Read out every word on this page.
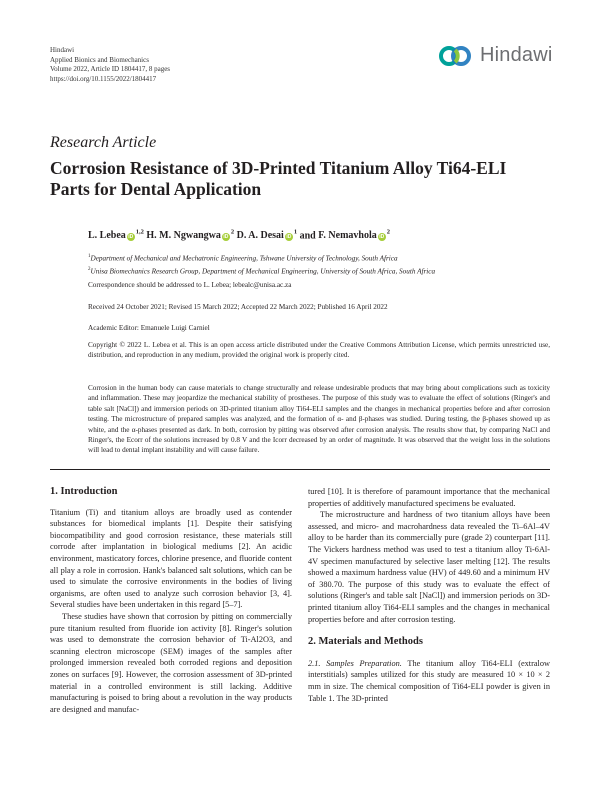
Hindawi
Applied Bionics and Biomechanics
Volume 2022, Article ID 1804417, 8 pages
https://doi.org/10.1155/2022/1804417
Hindawi
Research Article
Corrosion Resistance of 3D-Printed Titanium Alloy Ti64-ELI Parts for Dental Application
L. Lebea iD$^{1,2}$ H. M. Ngwangwa $iD^2$ D. A. Desai $iD^1$ and F. Nemavhola $iD^2$
$^1$Department of Mechanical and Mechatronic Engineering, Tshwane University of Technology, South Africa
$^2$Unisa Biomechanics Research Group, Department of Mechanical Engineering, University of South Africa, South Africa
Correspondence should be addressed to L. Lebea; lebealc@unisa.ac.za
Received 24 October 2021; Revised 15 March 2022; Accepted 22 March 2022; Published 16 April 2022
Academic Editor: Emanuele Luigi Carniel
Copyright © 2022 L. Lebea et al. This is an open access article distributed under the Creative Commons Attribution License, which permits unrestricted use, distribution, and reproduction in any medium, provided the original work is properly cited.
Corrosion in the human body can cause materials to change structurally and release undesirable products that may bring about complications such as toxicity and inflammation. These may jeopardize the mechanical stability of prostheses. The purpose of this study was to evaluate the effect of solutions (Ringer's and table salt [NaCl]) and immersion periods on 3D-printed titanium alloy Ti64-ELI samples and the changes in mechanical properties before and after corrosion testing. The microstructure of prepared samples was analyzed, and the formation of α- and β-phases was studied. During testing, the β-phases showed up as white, and the α-phases presented as dark. In both, corrosion by pitting was observed after corrosion analysis. The results show that, by comparing NaCl and Ringer's, the Ecorr of the solutions increased by 0.8 V and the Icorr decreased by an order of magnitude. It was observed that the weight loss in the solutions will lead to dental implant instability and will cause failure.

1. Introduction

Titanium (Ti) and titanium alloys are broadly used as contender substances for biomedical implants [1]. Despite their satisfying biocompatibility and good corrosion resistance, these materials still corrode after implantation in biological mediums [2]. An acidic environment, masticatory forces, chlorine presence, and fluoride content all play a role in corrosion. Hank's balanced salt solutions, which can be used to simulate the corrosive environments in the bodies of living organisms, are often used to analyze such corrosion behavior [3, 4]. Several studies have been undertaken in this regard [5–7].

These studies have shown that corrosion by pitting on commercially pure titanium resulted from fluoride ion activity [8]. Ringer's solution was used to demonstrate the corrosion behavior of Ti-Al2O3, and scanning electron microscope (SEM) images of the samples after prolonged immersion revealed both corroded regions and deposition zones on surfaces [9]. However, the corrosion assessment of 3D-printed material in a controlled environment is still lacking. Additive manufacturing is poised to bring about a revolution in the way products are designed and manufac-

tured [10]. It is therefore of paramount importance that the mechanical properties of additively manufactured specimens be evaluated.

The microstructure and hardness of two titanium alloys have been assessed, and micro- and macrohardness data revealed the Ti–6Al–4V alloy to be harder than its commercially pure (grade 2) counterpart [11]. The Vickers hardness method was used to test a titanium alloy Ti-6Al-4V specimen manufactured by selective laser melting [12]. The results showed a maximum hardness value (HV) of 449.60 and a minimum HV of 380.70. The purpose of this study was to evaluate the effect of solutions (Ringer's and table salt [NaCl]) and immersion periods on 3D-printed titanium alloy Ti64-ELI samples and the changes in mechanical properties before and after corrosion testing.

2. Materials and Methods

2.1. Samples Preparation. The titanium alloy Ti64-ELI (extralow interstitials) samples utilized for this study are measured 10 × 10 × 2 mm in size. The chemical composition of Ti64-ELI powder is given in Table 1. The 3D-printed
